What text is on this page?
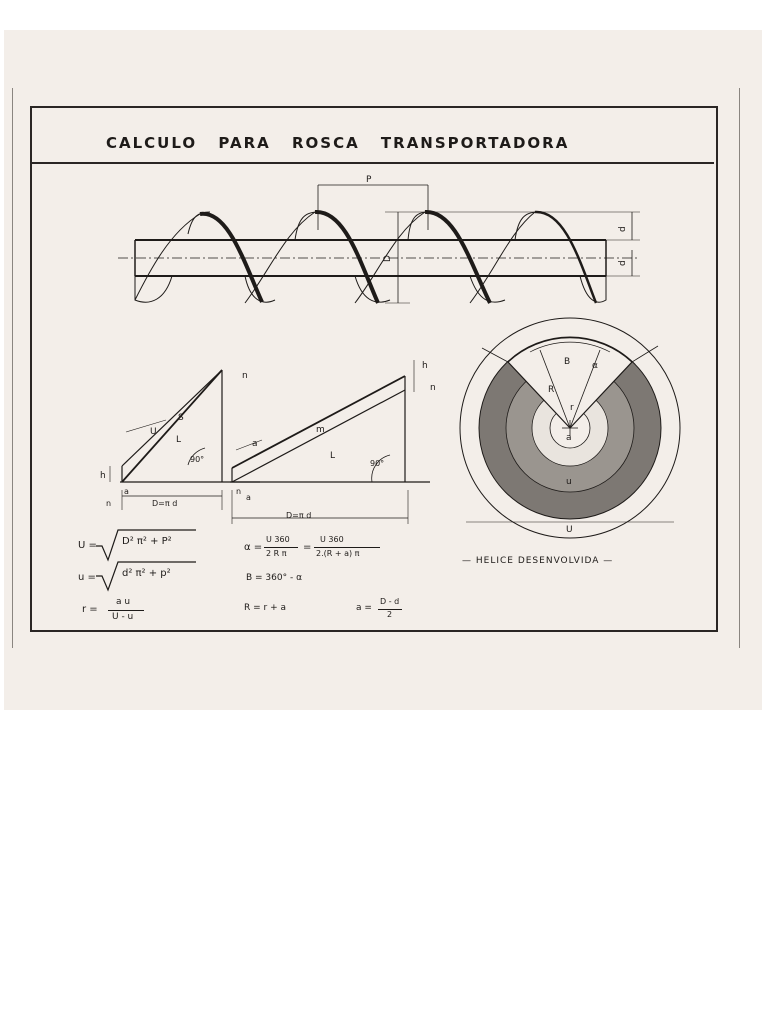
CALCULO PARA ROSCA TRANSPORTADORA
P
D
d
d
h
n
U
S
L
90°
D=π d
n
a
h
n
a
m
L
90°
D=π d
n
a
B
R
r
a
α
u
U
U =	D² π² + P²
u =	d² π² + p²
r =
a u
U - u
α =
U 360
2 R π
=
U 360
2.(R + a) π
B = 360° - α
R = r + a	a =
D - d
2
— HELICE DESENVOLVIDA —
